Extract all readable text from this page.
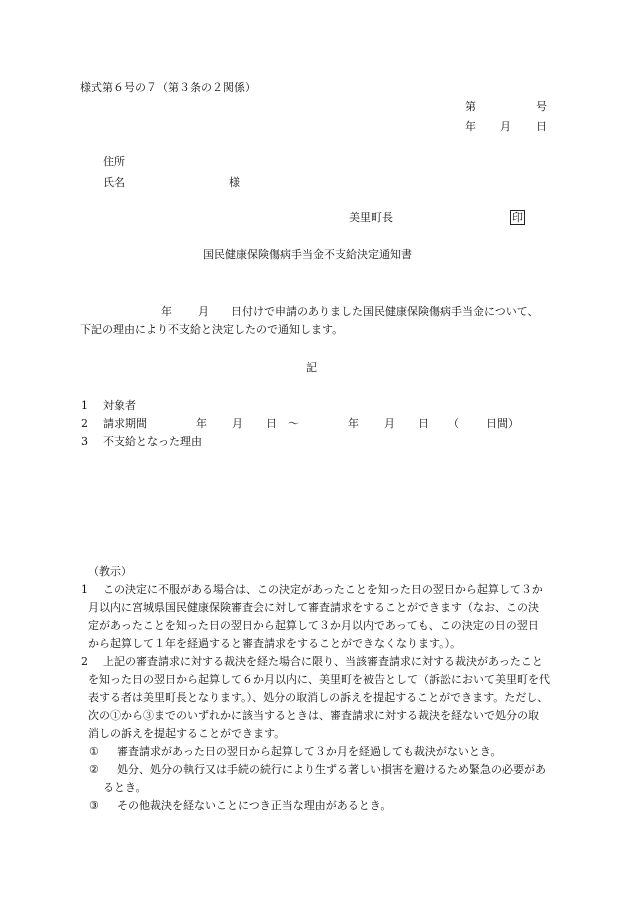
様式第６号の７（第３条の２関係）
第	号
年 月 日
住所
氏名	様
美里町長	印
国民健康保険傷病手当金不支給決定通知書
年 月 日付けで申請のありました国民健康保険傷病手当金について、
下記の理由により不支給と決定したので通知します。
記
1 対象者
2 請求期間	年 月 日 ～	年 月 日 （ 日間）
3 不支給となった理由
（教示）
1 この決定に不服がある場合は、この決定があったことを知った日の翌日から起算して３か
月以内に宮城県国民健康保険審査会に対して審査請求をすることができます（なお、この決
定があったことを知った日の翌日から起算して３か月以内であっても、この決定の日の翌日
から起算して１年を経過すると審査請求をすることができなくなります。）。
2 上記の審査請求に対する裁決を経た場合に限り、当該審査請求に対する裁決があったこと
を知った日の翌日から起算して６か月以内に、美里町を被告として（訴訟において美里町を代
表する者は美里町長となります。）、処分の取消しの訴えを提起することができます。ただし、
次の①から③までのいずれかに該当するときは、審査請求に対する裁決を経ないで処分の取
消しの訴えを提起することができます。
① 審査請求があった日の翌日から起算して３か月を経過しても裁決がないとき。
② 処分、処分の執行又は手続の続行により生ずる著しい損害を避けるため緊急の必要があ
るとき。
③ その他裁決を経ないことにつき正当な理由があるとき。
